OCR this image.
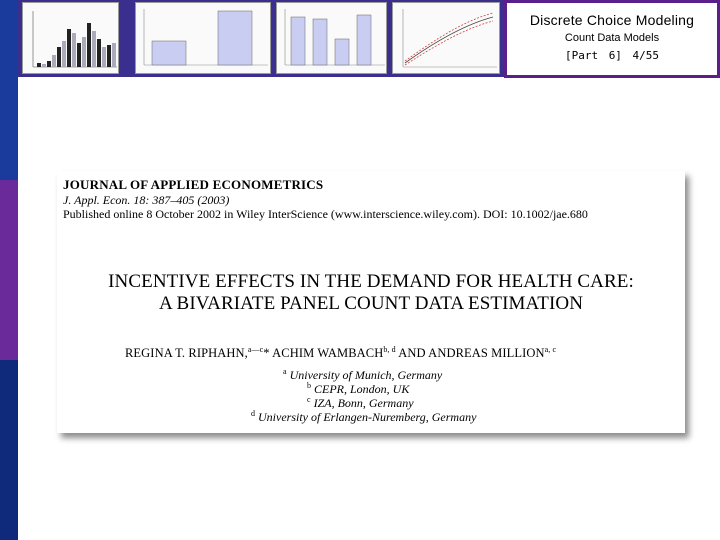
Discrete Choice Modeling
Count Data Models
[Part 6] 4/55
JOURNAL OF APPLIED ECONOMETRICS
J. Appl. Econ. 18: 387–405 (2003)
Published online 8 October 2002 in Wiley InterScience (www.interscience.wiley.com). DOI: 10.1002/jae.680
INCENTIVE EFFECTS IN THE DEMAND FOR HEALTH CARE:
A BIVARIATE PANEL COUNT DATA ESTIMATION
REGINA T. RIPHAHN,$^{a—c}$* ACHIM WAMBACH$^{b, d}$ AND ANDREAS MILLION$^{a, c}$
$^a$ University of Munich, Germany
$^b$ CEPR, London, UK
$^c$ IZA, Bonn, Germany
$^d$ University of Erlangen-Nuremberg, Germany
